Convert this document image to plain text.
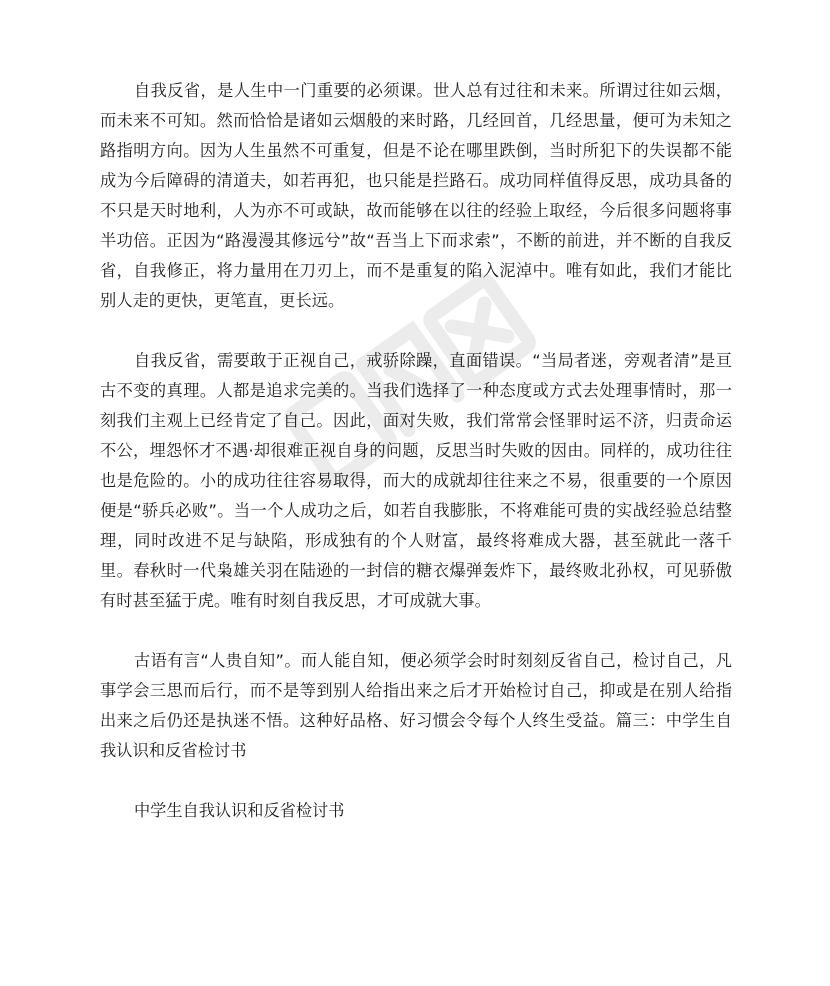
自我反省，是人生中一门重要的必须课。世人总有过往和未来。所谓过往如云烟，而未来不可知。然而恰恰是诸如云烟般的来时路，几经回首，几经思量，便可为未知之路指明方向。因为人生虽然不可重复，但是不论在哪里跌倒，当时所犯下的失误都不能成为今后障碍的清道夫，如若再犯，也只能是拦路石。成功同样值得反思，成功具备的不只是天时地利，人为亦不可或缺，故而能够在以往的经验上取经，今后很多问题将事半功倍。正因为“路漫漫其修远兮”故“吾当上下而求索”，不断的前进，并不断的自我反省，自我修正，将力量用在刀刃上，而不是重复的陷入泥淖中。唯有如此，我们才能比别人走的更快，更笔直，更长远。

自我反省，需要敢于正视自己，戒骄除躁，直面错误。“当局者迷，旁观者清”是亘古不变的真理。人都是追求完美的。当我们选择了一种态度或方式去处理事情时，那一刻我们主观上已经肯定了自己。因此，面对失败，我们常常会怪罪时运不济，归责命运不公，埋怨怀才不遇·却很难正视自身的问题，反思当时失败的因由。同样的，成功往往也是危险的。小的成功往往容易取得，而大的成就却往往来之不易，很重要的一个原因便是“骄兵必败”。当一个人成功之后，如若自我膨胀，不将难能可贵的实战经验总结整理，同时改进不足与缺陷，形成独有的个人财富，最终将难成大器，甚至就此一落千里。春秋时一代枭雄关羽在陆逊的一封信的糖衣爆弹轰炸下，最终败北孙权，可见骄傲有时甚至猛于虎。唯有时刻自我反思，才可成就大事。

古语有言“人贵自知”。而人能自知，便必须学会时时刻刻反省自己，检讨自己，凡事学会三思而后行，而不是等到别人给指出来之后才开始检讨自己，抑或是在别人给指出来之后仍还是执迷不悟。这种好品格、好习惯会令每个人终生受益。篇三：中学生自我认识和反省检讨书

中学生自我认识和反省检讨书
